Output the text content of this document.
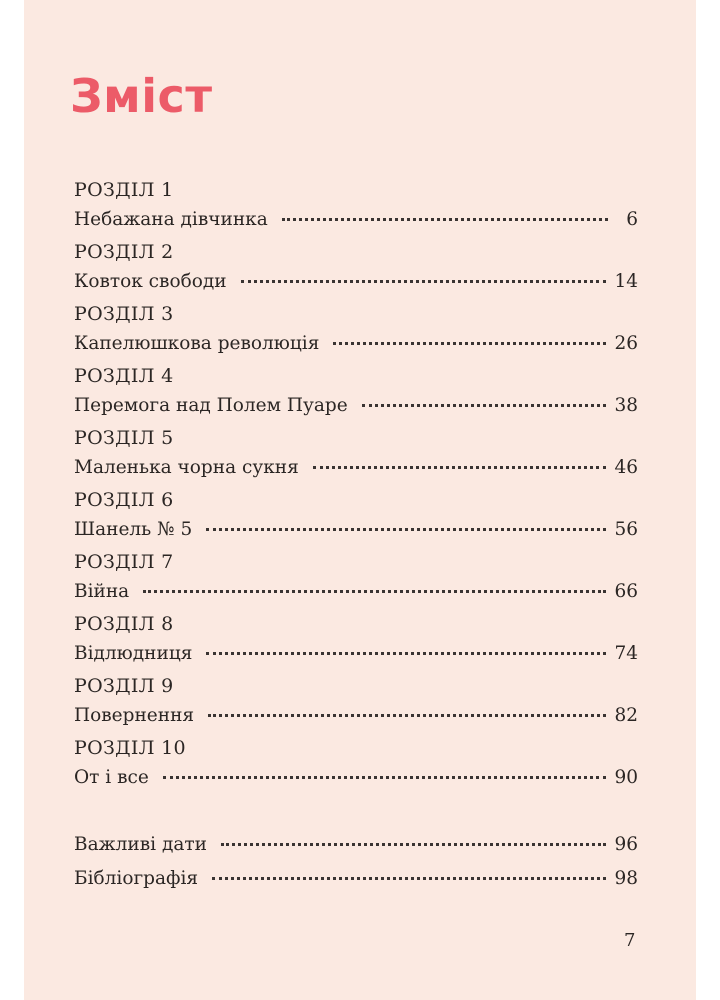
Зміст
РОЗДІЛ 1
Небажана дівчинка	6
РОЗДІЛ 2
Ковток свободи	14
РОЗДІЛ 3
Капелюшкова революція	26
РОЗДІЛ 4
Перемога над Полем Пуаре	38
РОЗДІЛ 5
Маленька чорна сукня	46
РОЗДІЛ 6
Шанель № 5	56
РОЗДІЛ 7
Війна	66
РОЗДІЛ 8
Відлюдниця	74
РОЗДІЛ 9
Повернення	82
РОЗДІЛ 10
От і все	90
Важливі дати	96
Бібліографія	98
7
